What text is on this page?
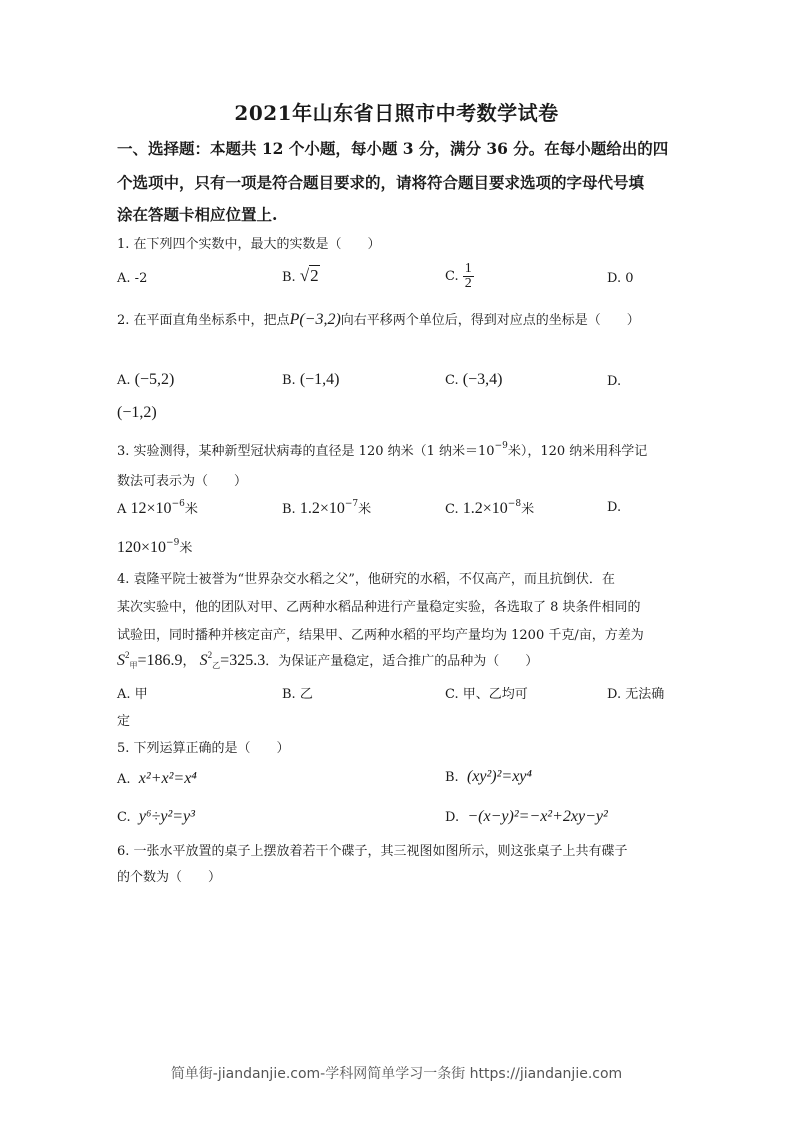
2021年山东省日照市中考数学试卷
一、选择题：本题共 12 个小题，每小题 3 分，满分 36 分。在每小题给出的四
个选项中，只有一项是符合题目要求的，请将符合题目要求选项的字母代号填
涂在答题卡相应位置上.
1. 在下列四个实数中，最大的实数是（　　）
A. -2	B. √2	C. $\frac{1}{2}$	D. 0
2. 在平面直角坐标系中，把点P(−3,2)向右平移两个单位后，得到对应点的坐标是（　　）
A. (−5,2)	B. (−1,4)	C. (−3,4)	D.
(−1,2)
3. 实验测得，某种新型冠状病毒的直径是 120 纳米（1 纳米$=10^{-9}$米），120 纳米用科学记
数法可表示为（　　）
A $12\times 10^{-6}$米	B. $1.2\times 10^{-7}$米	C. $1.2\times 10^{-8}$米	D.
$120\times 10^{-9}$米
4. 袁隆平院士被誉为“世界杂交水稻之父”，他研究的水稻，不仅高产，而且抗倒伏．在
某次实验中，他的团队对甲、乙两种水稻品种进行产量稳定实验，各选取了 8 块条件相同的
试验田，同时播种并核定亩产，结果甲、乙两种水稻的平均产量均为 1200 千克/亩，方差为
$S^2_甲=186.9$， $S^2_乙=325.3$．为保证产量稳定，适合推广的品种为（　　）
A. 甲	B. 乙	C. 甲、乙均可	D. 无法确
定
5. 下列运算正确的是（　　）
A. x²+x²=x⁴	B. (xy²)²=xy⁴
C. y⁶÷y²=y³	D. −(x−y)²=−x²+2xy−y²
6. 一张水平放置的桌子上摆放着若干个碟子，其三视图如图所示，则这张桌子上共有碟子
的个数为（　　）
简单街-jiandanjie.com-学科网简单学习一条街 https://jiandanjie.com
